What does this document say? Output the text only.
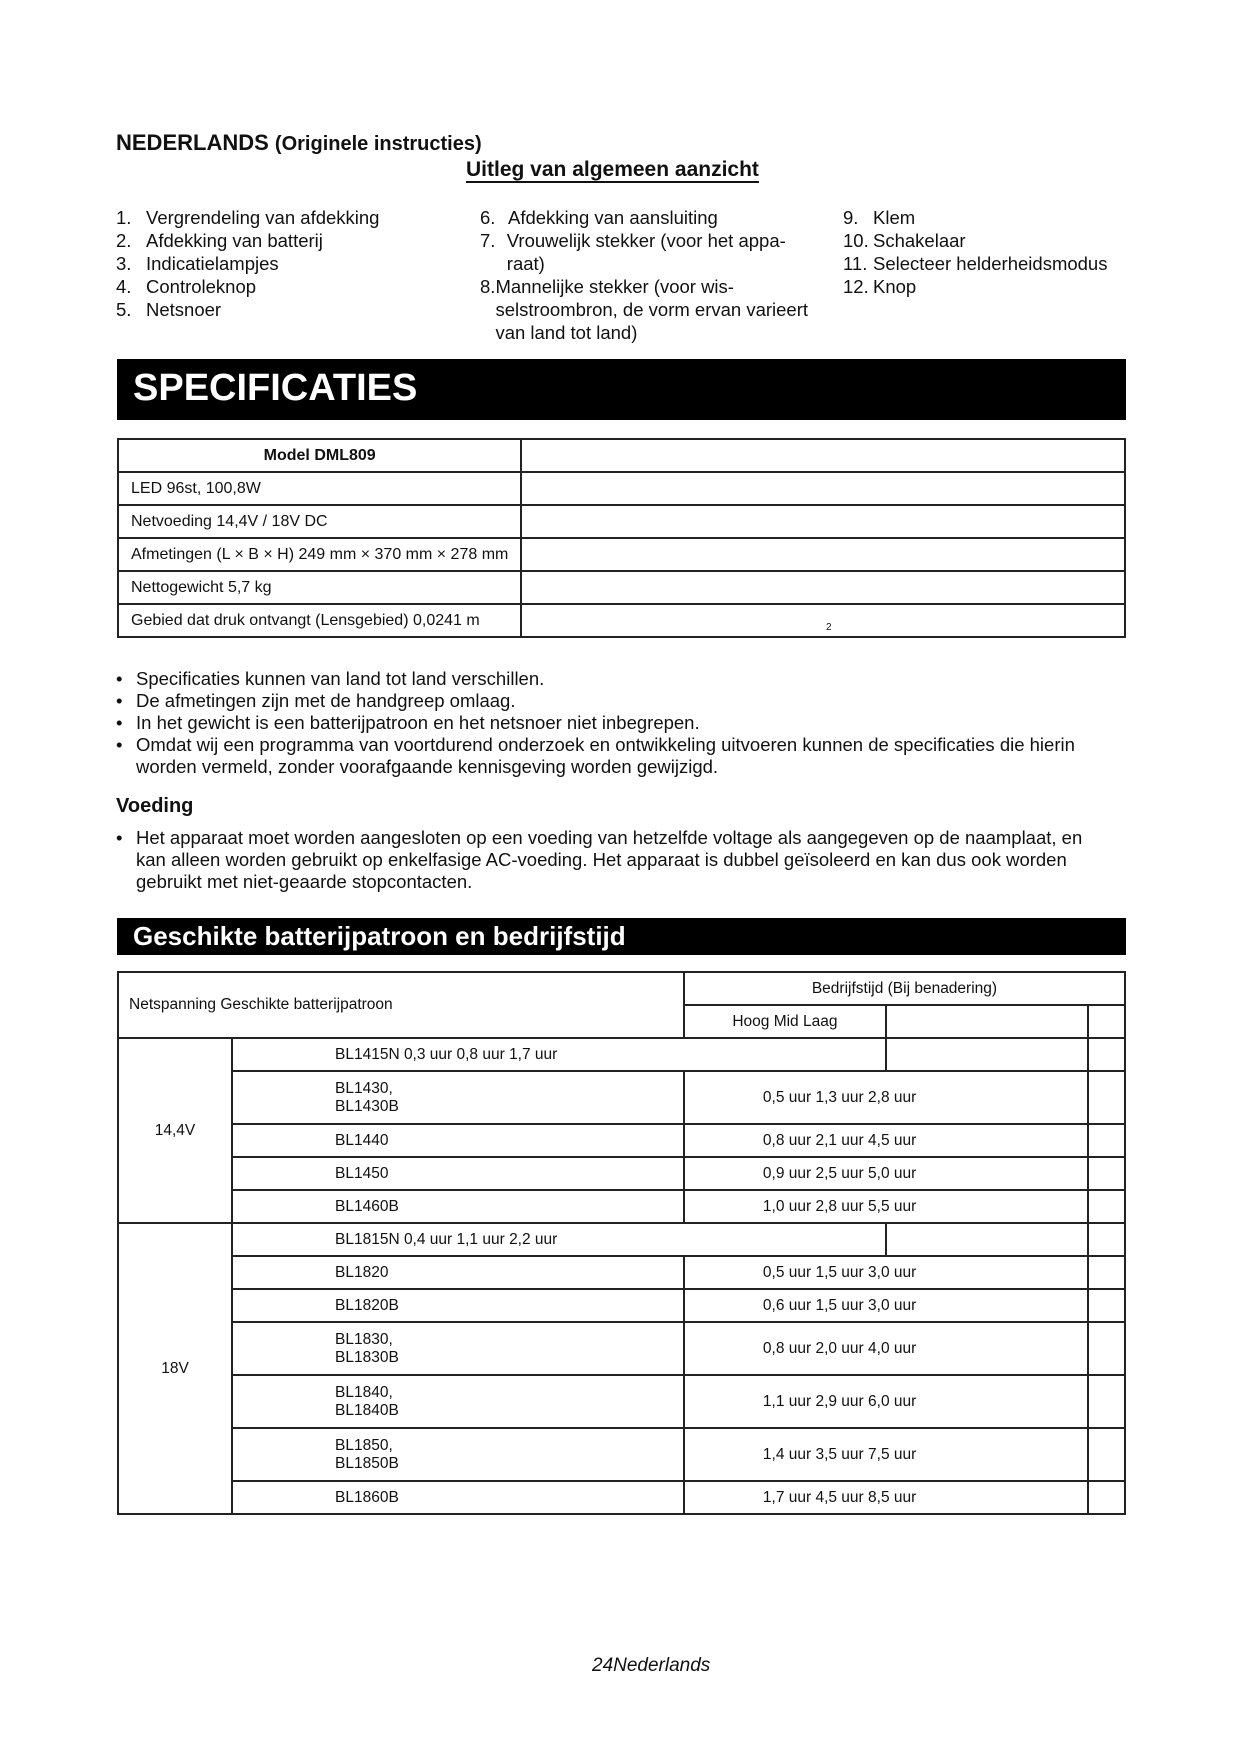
NEDERLANDS (Originele instructies)
Uitleg van algemeen aanzicht
1. Vergrendeling van afdekking
2. Afdekking van batterij
3. Indicatielampjes
4. Controleknop
5. Netsnoer
6. Afdekking van aansluiting
7. Vrouwelijk stekker (voor het appa-raat)
8. Mannelijke stekker (voor wis-selstroombron, de vorm ervan varieert van land tot land)
9. Klem
10. Schakelaar
11. Selecteer helderheidsmodus
12. Knop
SPECIFICATIES
Model DML809	
LED 96st, 100,8W	
Netvoeding 14,4V / 18V DC	
Afmetingen (L × B × H) 249 mm × 370 mm × 278 mm	
Nettogewicht 5,7 kg	
Gebied dat druk ontvangt (Lensgebied) 0,0241 m		2
• Specificaties kunnen van land tot land verschillen.
• De afmetingen zijn met de handgreep omlaag.
• In het gewicht is een batterijpatroon en het netsnoer niet inbegrepen.
• Omdat wij een programma van voortdurend onderzoek en ontwikkeling uitvoeren kunnen de specificaties die hierin worden vermeld, zonder voorafgaande kennisgeving worden gewijzigd.
Voeding
• Het apparaat moet worden aangesloten op een voeding van hetzelfde voltage als aangegeven op de naamplaat, en kan alleen worden gebruikt op enkelfasige AC-voeding. Het apparaat is dubbel geïsoleerd en kan dus ook worden gebruikt met niet-geaarde stopcontacten.
Geschikte batterijpatroon en bedrijfstijd
Netspanning Geschikte batterijpatroon		Bedrijfstijd (Bij benadering)		
		Hoog Mid Laag		
14,4V	BL1415N 0,3 uur 0,8 uur 1,7 uur			
	BL1430,
BL1430B	0,5 uur 1,3 uur 2,8 uur		
	BL1440	0,8 uur 2,1 uur 4,5 uur		
	BL1450	0,9 uur 2,5 uur 5,0 uur		
	BL1460B	1,0 uur 2,8 uur 5,5 uur		
18V	BL1815N 0,4 uur 1,1 uur 2,2 uur			
	BL1820	0,5 uur 1,5 uur 3,0 uur		
	BL1820B	0,6 uur 1,5 uur 3,0 uur		
	BL1830,
BL1830B	0,8 uur 2,0 uur 4,0 uur		
	BL1840,
BL1840B	1,1 uur 2,9 uur 6,0 uur		
	BL1850,
BL1850B	1,4 uur 3,5 uur 7,5 uur		
	BL1860B	1,7 uur 4,5 uur 8,5 uur		
24Nederlands
